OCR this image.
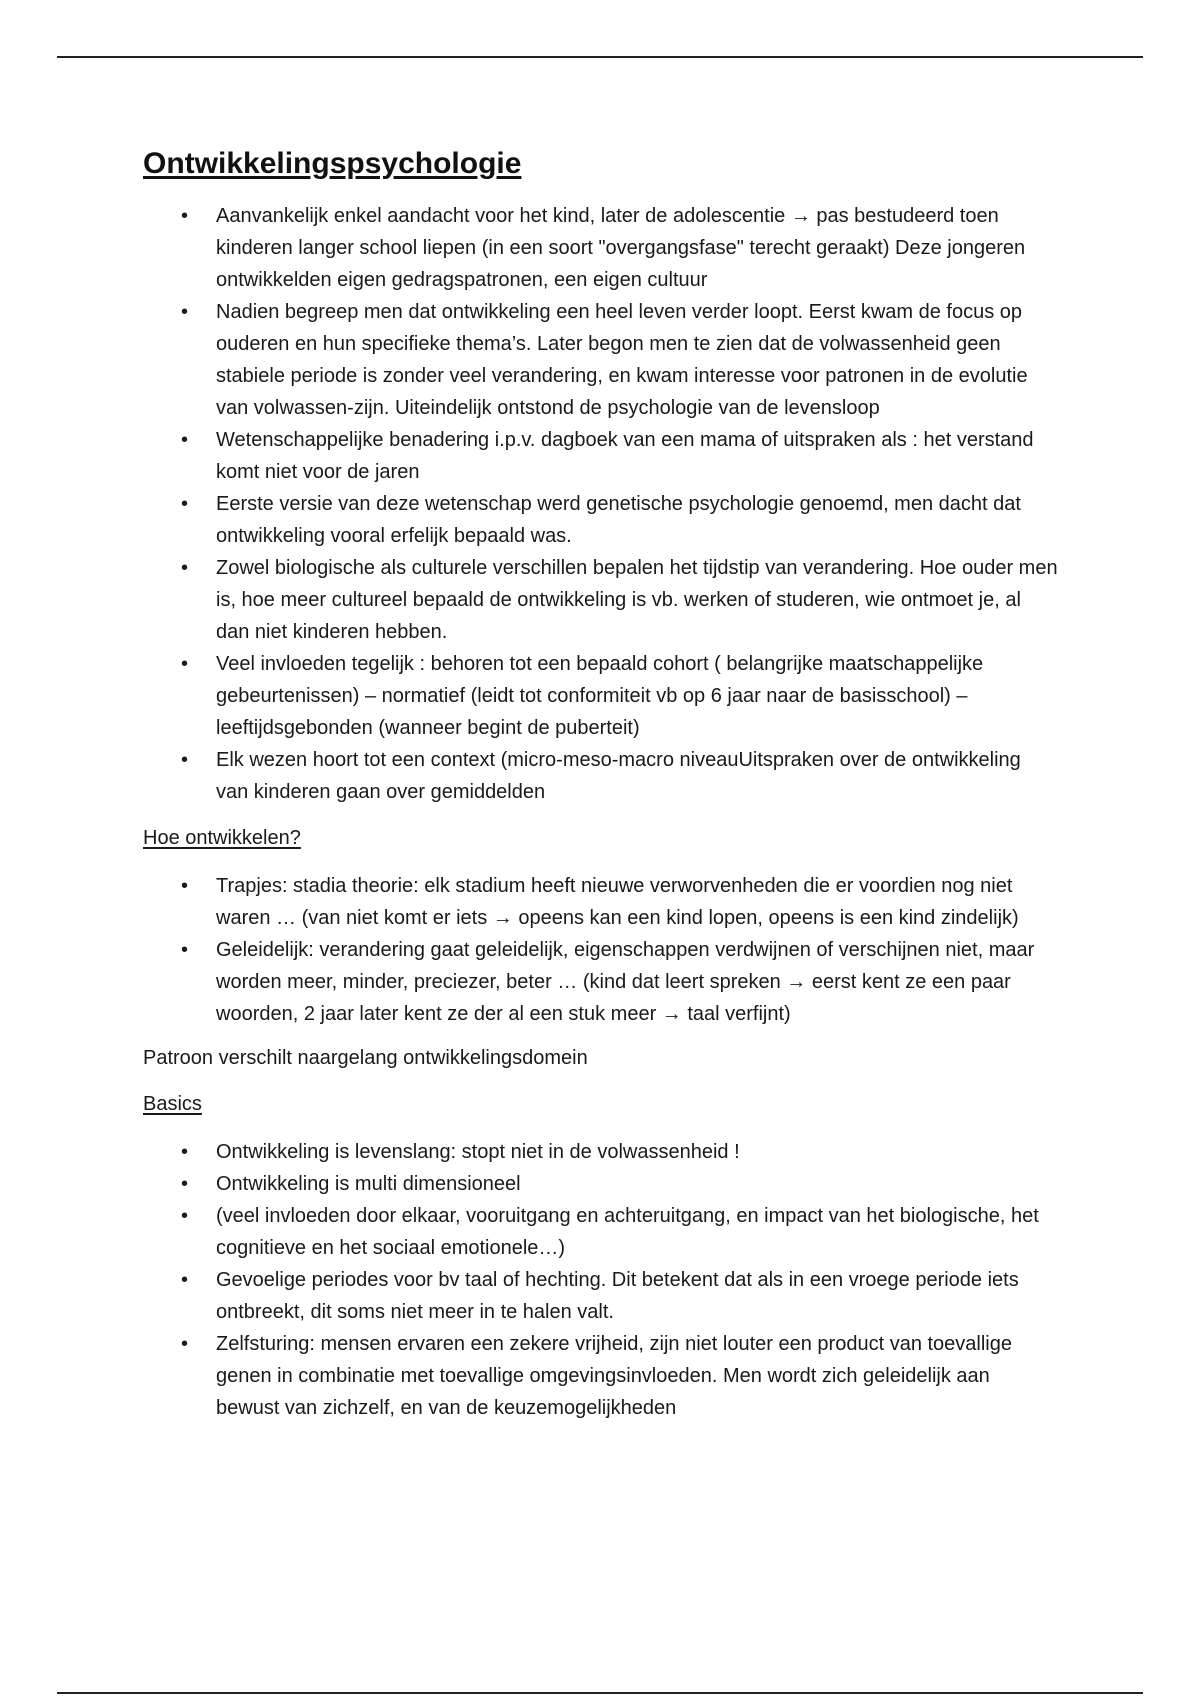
Ontwikkelingspsychologie
• Aanvankelijk enkel aandacht voor het kind, later de adolescentie → pas bestudeerd toen kinderen langer school liepen (in een soort "overgangsfase" terecht geraakt) Deze jongeren ontwikkelden eigen gedragspatronen, een eigen cultuur
• Nadien begreep men dat ontwikkeling een heel leven verder loopt. Eerst kwam de focus op ouderen en hun specifieke thema’s. Later begon men te zien dat de volwassenheid geen stabiele periode is zonder veel verandering, en kwam interesse voor patronen in de evolutie van volwassen-zijn. Uiteindelijk ontstond de psychologie van de levensloop
• Wetenschappelijke benadering i.p.v. dagboek van een mama of uitspraken als : het verstand komt niet voor de jaren
• Eerste versie van deze wetenschap werd genetische psychologie genoemd, men dacht dat ontwikkeling vooral erfelijk bepaald was.
• Zowel biologische als culturele verschillen bepalen het tijdstip van verandering. Hoe ouder men is, hoe meer cultureel bepaald de ontwikkeling is vb. werken of studeren, wie ontmoet je, al dan niet kinderen hebben.
• Veel invloeden tegelijk : behoren tot een bepaald cohort ( belangrijke maatschappelijke gebeurtenissen) – normatief (leidt tot conformiteit vb op 6 jaar naar de basisschool) – leeftijdsgebonden (wanneer begint de puberteit)
• Elk wezen hoort tot een context (micro-meso-macro niveauUitspraken over de ontwikkeling van kinderen gaan over gemiddelden
Hoe ontwikkelen?
• Trapjes: stadia theorie: elk stadium heeft nieuwe verworvenheden die er voordien nog niet waren … (van niet komt er iets → opeens kan een kind lopen, opeens is een kind zindelijk)
• Geleidelijk: verandering gaat geleidelijk, eigenschappen verdwijnen of verschijnen niet, maar worden meer, minder, preciezer, beter … (kind dat leert spreken → eerst kent ze een paar woorden, 2 jaar later kent ze der al een stuk meer → taal verfijnt)
Patroon verschilt naargelang ontwikkelingsdomein
Basics
• Ontwikkeling is levenslang: stopt niet in de volwassenheid !
• Ontwikkeling is multi dimensioneel
• (veel invloeden door elkaar, vooruitgang en achteruitgang, en impact van het biologische, het cognitieve en het sociaal emotionele…)
• Gevoelige periodes voor bv taal of hechting. Dit betekent dat als in een vroege periode iets ontbreekt, dit soms niet meer in te halen valt.
• Zelfsturing: mensen ervaren een zekere vrijheid, zijn niet louter een product van toevallige genen in combinatie met toevallige omgevingsinvloeden. Men wordt zich geleidelijk aan bewust van zichzelf, en van de keuzemogelijkheden
